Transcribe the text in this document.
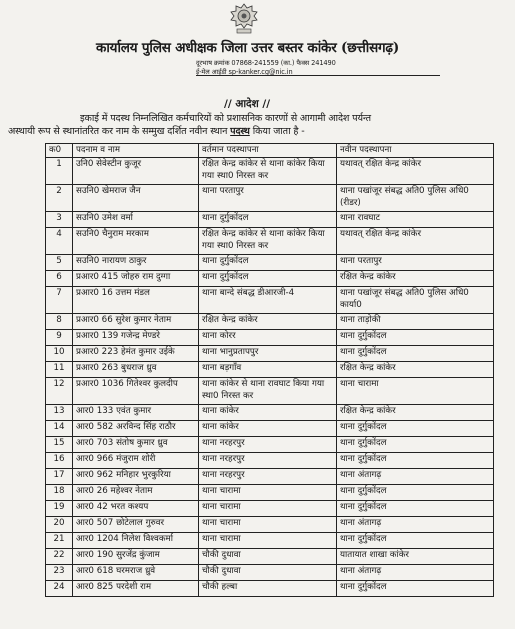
कार्यालय पुलिस अधीक्षक जिला उत्तर बस्तर कांकेर (छत्तीसगढ़)
दूरभाष क्रमांक 07868-241559 (का.) फैक्स 241490
ई-मेल आईडी sp-kanker.cg@nic.in
// आदेश //
इकाई में पदस्थ निम्नलिखित कर्मचारियों को प्रशासनिक कारणों से आगामी आदेश पर्यन्त
अस्थायी रूप से स्थानांतरित कर नाम के सम्मुख दर्शित नवीन स्थान पदस्थ किया जाता है -
क0	पदनाम व नाम	वर्तमान पदस्थापना	नवीन पदस्थापना
1	उनि0 सेवेस्टीन कुजूर	रक्षित केन्द्र कांकेर से थाना कांकेर किया गया स्था0 निरस्त कर	यथावत् रक्षित केन्द्र कांकेर
2	सउनि0 खेमराज जैन	थाना परतापुर	थाना पखांजूर संबद्ध अति0 पुलिस अधि0 (रीडर)
3	सउनि0 उमेश वर्मा	थाना दुर्गुकोंदल	थाना रावघाट
4	सउनि0 चैनुराम मरकाम	रक्षित केन्द्र कांकेर से थाना कांकेर किया गया स्था0 निरस्त कर	यथावत् रक्षित केन्द्र कांकेर
5	सउनि0 नारायण ठाकुर	थाना दुर्गुकोंदल	थाना परतापुर
6	प्रआर0 415 जोहरु राम दुग्गा	थाना दुर्गुकोंदल	रक्षित केन्द्र कांकेर
7	प्रआर0 16 उत्तम मंडल	थाना बान्दे संबद्ध डीआरजी-4	थाना पखांजूर संबद्ध अति0 पुलिस अधि0 कार्या0
8	प्रआर0 66 सुरेश कुमार नेताम	रक्षित केन्द्र कांकेर	थाना ताड़ोकी
9	प्रआर0 139 गजेन्द्र मेण्डरे	थाना कोरर	थाना दुर्गुकोंदल
10	प्रआर0 223 हेमंत कुमार उईके	थाना भानुप्रतापपुर	थाना दुर्गुकोंदल
11	प्रआर0 263 बुधराज ध्रुव	थाना बड़गाँव	रक्षित केन्द्र कांकेर
12	प्रआर0 1036 गितेश्वर कुलदीप	थाना कांकेर से थाना रावघाट किया गया स्था0 निरस्त कर	थाना चारामा
13	आर0 133 एवंत कुमार	थाना कांकेर	रक्षित केन्द्र कांकेर
14	आर0 582 अरविन्द सिंह राठौर	थाना कांकेर	थाना दुर्गुकोंदल
15	आर0 703 संतोष कुमार ध्रुव	थाना नरहरपुर	थाना दुर्गुकोंदल
16	आर0 966 मंजुराम शोरी	थाना नरहरपुर	थाना दुर्गुकोंदल
17	आर0 962 मनिहार भुरकुरिया	थाना नरहरपुर	थाना अंतागढ़
18	आर0 26 महेश्वर नेताम	थाना चारामा	थाना दुर्गुकोंदल
19	आर0 42 भरत कश्यप	थाना चारामा	थाना दुर्गुकोंदल
20	आर0 507 छोटेलाल गुरुवर	थाना चारामा	थाना अंतागढ़
21	आर0 1204 निलेश विश्वकर्मा	थाना चारामा	थाना दुर्गुकोंदल
22	आर0 190 सुरजेंद्र कुंजाम	चौकी दुधावा	यातायात शाखा कांकेर
23	आर0 618 घरमराज ध्रुवे	चौकी दुधावा	थाना अंतागढ़
24	आर0 825 परदेशी राम	चौकी हल्बा	थाना दुर्गुकोंदल
